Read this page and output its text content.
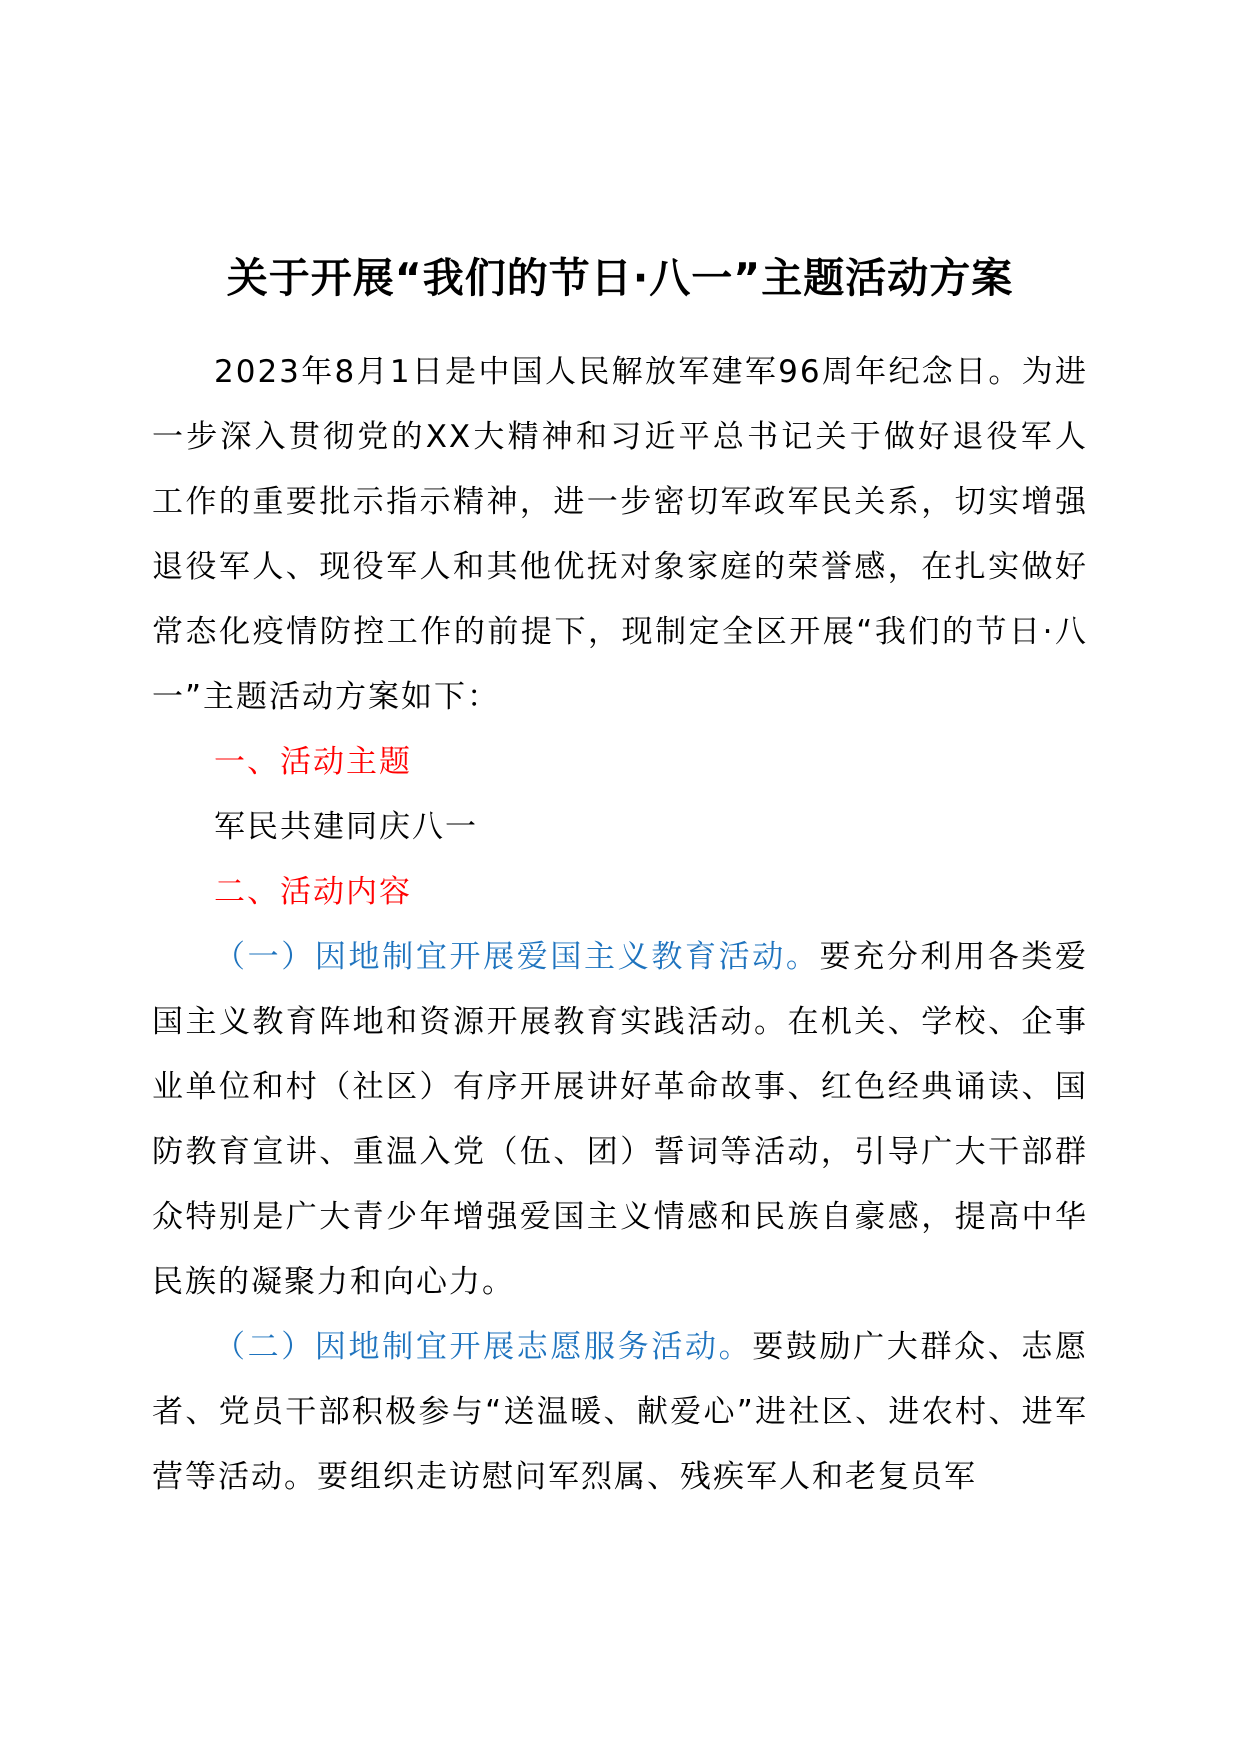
关于开展“我们的节日·八一”主题活动方案

2023年8月1日是中国人民解放军建军96周年纪念日。为进一步深入贯彻党的XX大精神和习近平总书记关于做好退役军人工作的重要批示指示精神，进一步密切军政军民关系，切实增强退役军人、现役军人和其他优抚对象家庭的荣誉感，在扎实做好常态化疫情防控工作的前提下，现制定全区开展“我们的节日·八一”主题活动方案如下：

一、活动主题

军民共建同庆八一

二、活动内容

（一）因地制宜开展爱国主义教育活动。要充分利用各类爱国主义教育阵地和资源开展教育实践活动。在机关、学校、企事业单位和村（社区）有序开展讲好革命故事、红色经典诵读、国防教育宣讲、重温入党（伍、团）誓词等活动，引导广大干部群众特别是广大青少年增强爱国主义情感和民族自豪感，提高中华民族的凝聚力和向心力。

（二）因地制宜开展志愿服务活动。要鼓励广大群众、志愿者、党员干部积极参与“送温暖、献爱心”进社区、进农村、进军营等活动。要组织走访慰问军烈属、残疾军人和老复员军
